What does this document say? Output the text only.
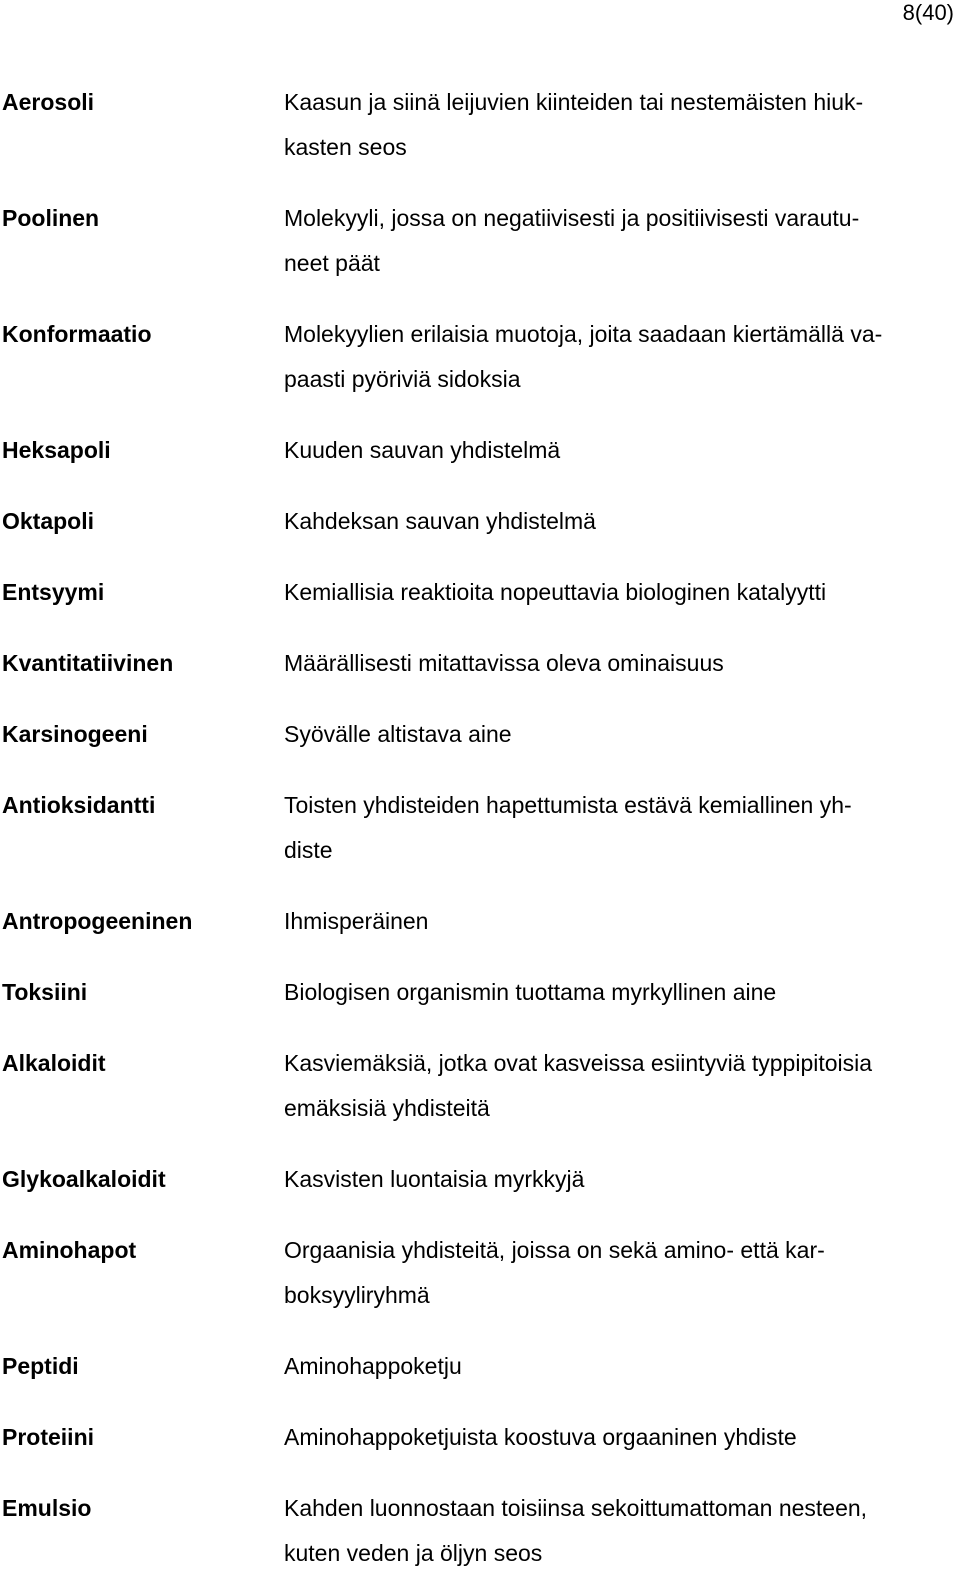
8(40)
Aerosoli	Kaasun ja siinä leijuvien kiinteiden tai nestemäisten hiuk-
kasten seos
Poolinen	Molekyyli, jossa on negatiivisesti ja positiivisesti varautu-
neet päät
Konformaatio	Molekyylien erilaisia muotoja, joita saadaan kiertämällä va-
paasti pyöriviä sidoksia
Heksapoli	Kuuden sauvan yhdistelmä
Oktapoli	Kahdeksan sauvan yhdistelmä
Entsyymi	Kemiallisia reaktioita nopeuttavia biologinen katalyytti
Kvantitatiivinen	Määrällisesti mitattavissa oleva ominaisuus
Karsinogeeni	Syövälle altistava aine
Antioksidantti	Toisten yhdisteiden hapettumista estävä kemiallinen yh-
diste
Antropogeeninen	Ihmisperäinen
Toksiini	Biologisen organismin tuottama myrkyllinen aine
Alkaloidit	Kasviemäksiä, jotka ovat kasveissa esiintyviä typpipitoisia
emäksisiä yhdisteitä
Glykoalkaloidit	Kasvisten luontaisia myrkkyjä
Aminohapot	Orgaanisia yhdisteitä, joissa on sekä amino- että kar-
boksyyliryhmä
Peptidi	Aminohappoketju
Proteiini	Aminohappoketjuista koostuva orgaaninen yhdiste
Emulsio	Kahden luonnostaan toisiinsa sekoittumattoman nesteen,
kuten veden ja öljyn seos
